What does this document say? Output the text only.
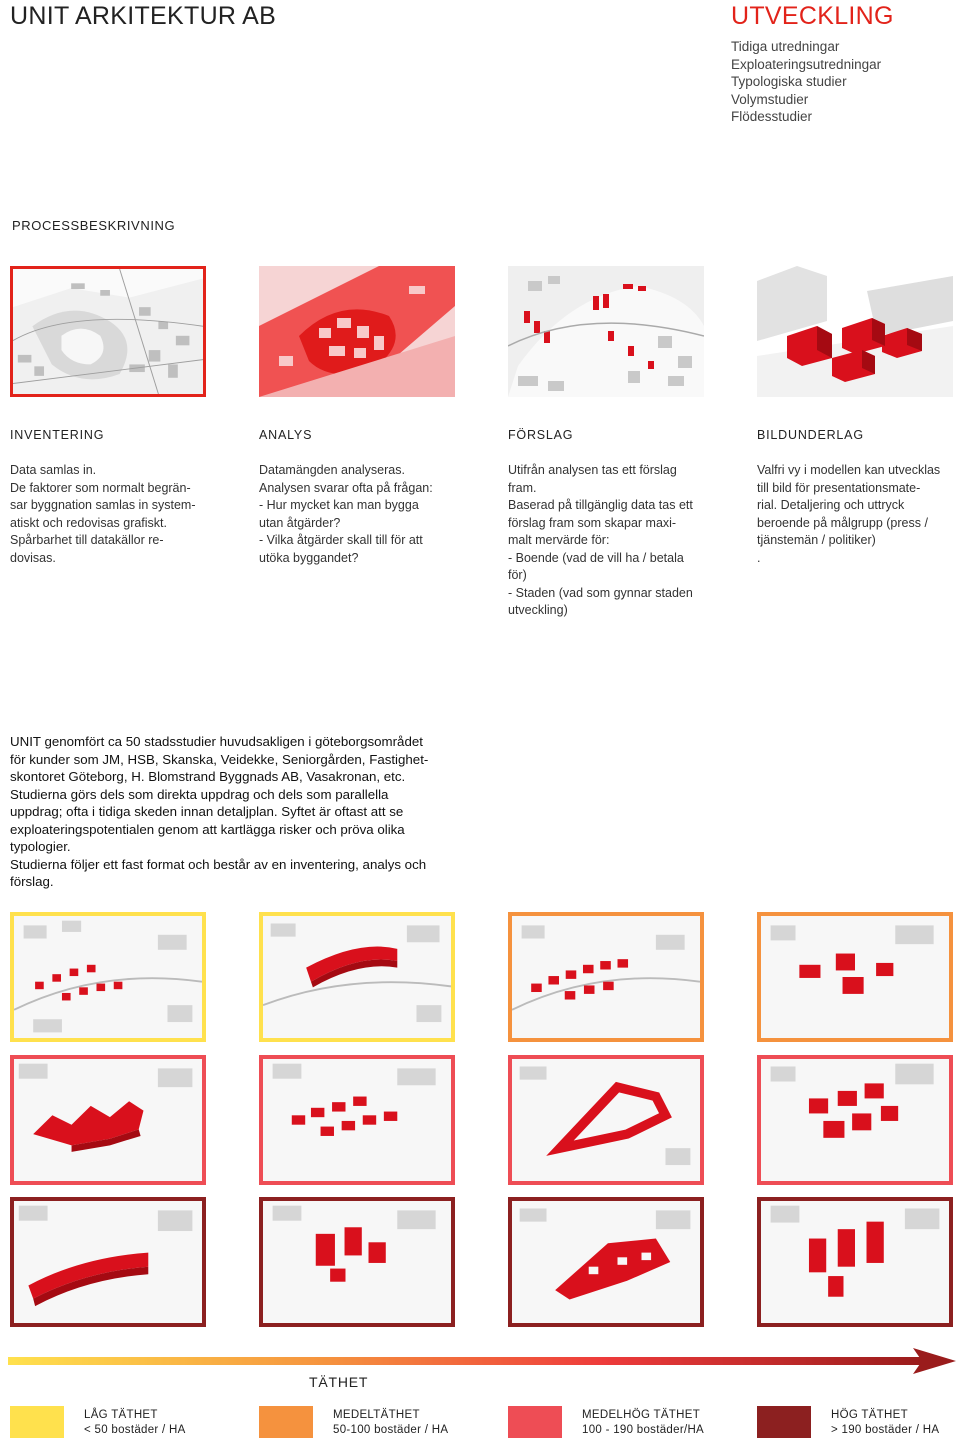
UNIT ARKITEKTUR AB	UTVECKLING
Tidiga utredningar
Exploateringsutredningar
Typologiska studier
Volymstudier
Flödesstudier
PROCESSBESKRIVNING
INVENTERING

Data samlas in.
De faktorer som normalt begrän-
sar byggnation samlas in system-
atiskt och redovisas grafiskt.
Spårbarhet till datakällor re-
dovisas.

ANALYS

Datamängden analyseras.
Analysen svarar ofta på frågan:
- Hur mycket kan man bygga
utan åtgärder?
- Vilka åtgärder skall till för att
utöka byggandet?

FÖRSLAG

Utifrån analysen tas ett förslag
fram.
Baserad på tillgänglig data tas ett
förslag fram som skapar maxi-
malt mervärde för:
- Boende (vad de vill ha / betala
för)
- Staden (vad som gynnar staden
utveckling)

BILDUNDERLAG

Valfri vy i modellen kan utvecklas
till bild för presentationsmate-
rial. Detaljering och uttryck
beroende på målgrupp (press /
tjänstemän / politiker)
.

UNIT genomfört ca 50 stadsstudier huvudsakligen i göteborgsområdet
för kunder som JM, HSB, Skanska, Veidekke, Seniorgården, Fastighet-
skontoret Göteborg, H. Blomstrand Byggnads AB, Vasakronan, etc.
Studierna görs dels som direkta uppdrag och dels som parallella
uppdrag; ofta i tidiga skeden innan detaljplan. Syftet är oftast att se
exploateringspotentialen genom att kartlägga risker och pröva olika
typologier.
Studierna följer ett fast format och består av en inventering, analys och
förslag.
TÄTHET
LÅG TÄTHET
< 50 bostäder / HA
MEDELTÄTHET
50-100 bostäder / HA
MEDELHÖG TÄTHET
100 - 190 bostäder/HA
HÖG TÄTHET
> 190 bostäder / HA
